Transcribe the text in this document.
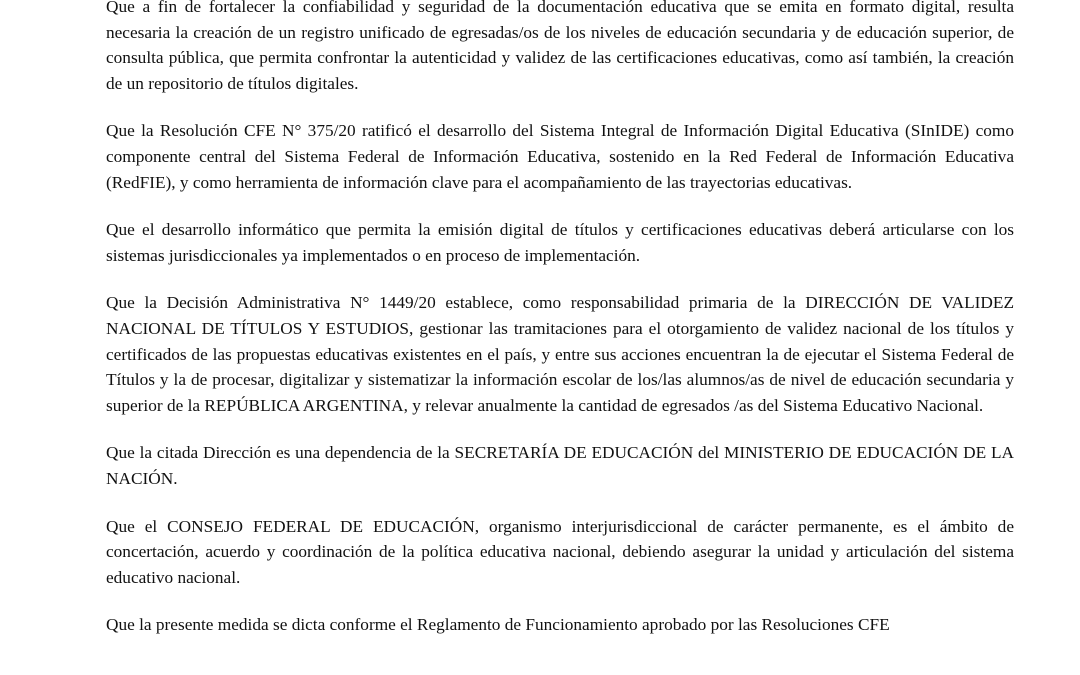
Que a fin de fortalecer la confiabilidad y seguridad de la documentación educativa que se emita en formato digital, resulta necesaria la creación de un registro unificado de egresadas/os de los niveles de educación secundaria y de educación superior, de consulta pública, que permita confrontar la autenticidad y validez de las certificaciones educativas, como así también, la creación de un repositorio de títulos digitales.

Que la Resolución CFE N° 375/20 ratificó el desarrollo del Sistema Integral de Información Digital Educativa (SInIDE) como componente central del Sistema Federal de Información Educativa, sostenido en la Red Federal de Información Educativa (RedFIE), y como herramienta de información clave para el acompañamiento de las trayectorias educativas.

Que el desarrollo informático que permita la emisión digital de títulos y certificaciones educativas deberá articularse con los sistemas jurisdiccionales ya implementados o en proceso de implementación.

Que la Decisión Administrativa N° 1449/20 establece, como responsabilidad primaria de la DIRECCIÓN DE VALIDEZ NACIONAL DE TÍTULOS Y ESTUDIOS, gestionar las tramitaciones para el otorgamiento de validez nacional de los títulos y certificados de las propuestas educativas existentes en el país, y entre sus acciones encuentran la de ejecutar el Sistema Federal de Títulos y la de procesar, digitalizar y sistematizar la información escolar de los/las alumnos/as de nivel de educación secundaria y superior de la REPÚBLICA ARGENTINA, y relevar anualmente la cantidad de egresados /as del Sistema Educativo Nacional.

Que la citada Dirección es una dependencia de la SECRETARÍA DE EDUCACIÓN del MINISTERIO DE EDUCACIÓN DE LA NACIÓN.

Que el CONSEJO FEDERAL DE EDUCACIÓN, organismo interjurisdiccional de carácter permanente, es el ámbito de concertación, acuerdo y coordinación de la política educativa nacional, debiendo asegurar la unidad y articulación del sistema educativo nacional.

Que la presente medida se dicta conforme el Reglamento de Funcionamiento aprobado por las Resoluciones CFE
